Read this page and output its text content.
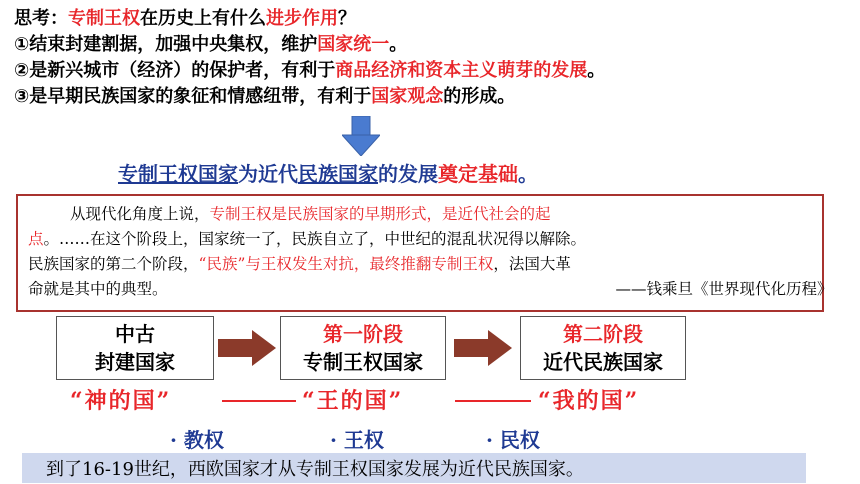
思考：专制王权在历史上有什么进步作用？
①结束封建割据，加强中央集权，维护国家统一。
②是新兴城市（经济）的保护者，有利于商品经济和资本主义萌芽的发展。
③是早期民族国家的象征和情感纽带，有利于国家观念的形成。
专制王权国家为近代民族国家的发展奠定基础。
从现代化角度上说，专制王权是民族国家的早期形式，是近代社会的起
点。……在这个阶段上，国家统一了，民族自立了，中世纪的混乱状况得以解除。
民族国家的第二个阶段，“民族”与王权发生对抗，最终推翻专制王权，法国大革
命就是其中的典型。	——钱乘旦《世界现代化历程》
中古
封建国家
第一阶段
专制王权国家
第二阶段
近代民族国家
“神的国”	“王的国”	“我的国”
· 教权	· 王权	· 民权
到了16-19世纪，西欧国家才从专制王权国家发展为近代民族国家。
